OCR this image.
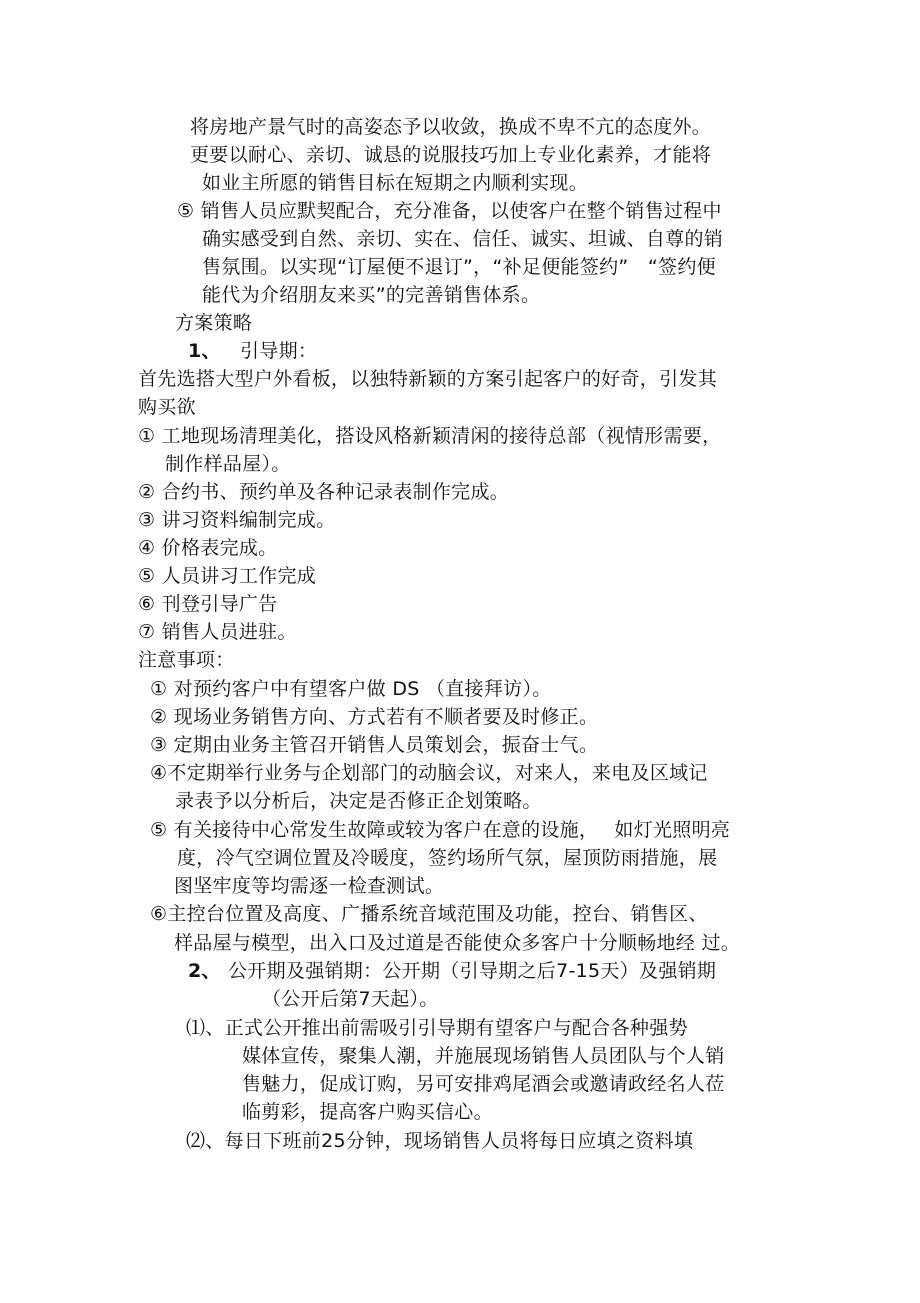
将房地产景气时的高姿态予以收敛，换成不卑不亢的态度外。
更要以耐心、亲切、诚恳的说服技巧加上专业化素养，才能将
如业主所愿的销售目标在短期之内顺利实现。
⑤ 销售人员应默契配合，充分准备，以使客户在整个销售过程中
确实感受到自然、亲切、实在、信任、诚实、坦诚、自尊的销
售氛围。以实现“订屋便不退订”，“补足便能签约”　“签约便
能代为介绍朋友来买”的完善销售体系。
方案策略
1、 引导期：
首先选搭大型户外看板，以独特新颖的方案引起客户的好奇，引发其
购买欲
① 工地现场清理美化，搭设风格新颖清闲的接待总部（视情形需要，
制作样品屋）。
② 合约书、预约单及各种记录表制作完成。
③ 讲习资料编制完成。
④ 价格表完成。
⑤ 人员讲习工作完成
⑥ 刊登引导广告
⑦ 销售人员进驻。
注意事项：
① 对预约客户中有望客户做 DS （直接拜访）。
② 现场业务销售方向、方式若有不顺者要及时修正。
③ 定期由业务主管召开销售人员策划会，振奋士气。
④不定期举行业务与企划部门的动脑会议，对来人，来电及区域记
录表予以分析后，决定是否修正企划策略。
⑤ 有关接待中心常发生故障或较为客户在意的设施，　 如灯光照明亮
度，冷气空调位置及冷暖度，签约场所气氛，屋顶防雨措施，展
图坚牢度等均需逐一检查测试。
⑥主控台位置及高度、广播系统音域范围及功能，控台、销售区、
样品屋与模型，出入口及过道是否能使众多客户十分顺畅地经 过。
2、 公开期及强销期：公开期（引导期之后7-15天）及强销期
（公开后第7天起）。
⑴、正式公开推出前需吸引引导期有望客户与配合各种强势
媒体宣传，聚集人潮，并施展现场销售人员团队与个人销
售魅力，促成订购，另可安排鸡尾酒会或邀请政经名人莅
临剪彩，提高客户购买信心。
⑵、每日下班前25分钟，现场销售人员将每日应填之资料填
